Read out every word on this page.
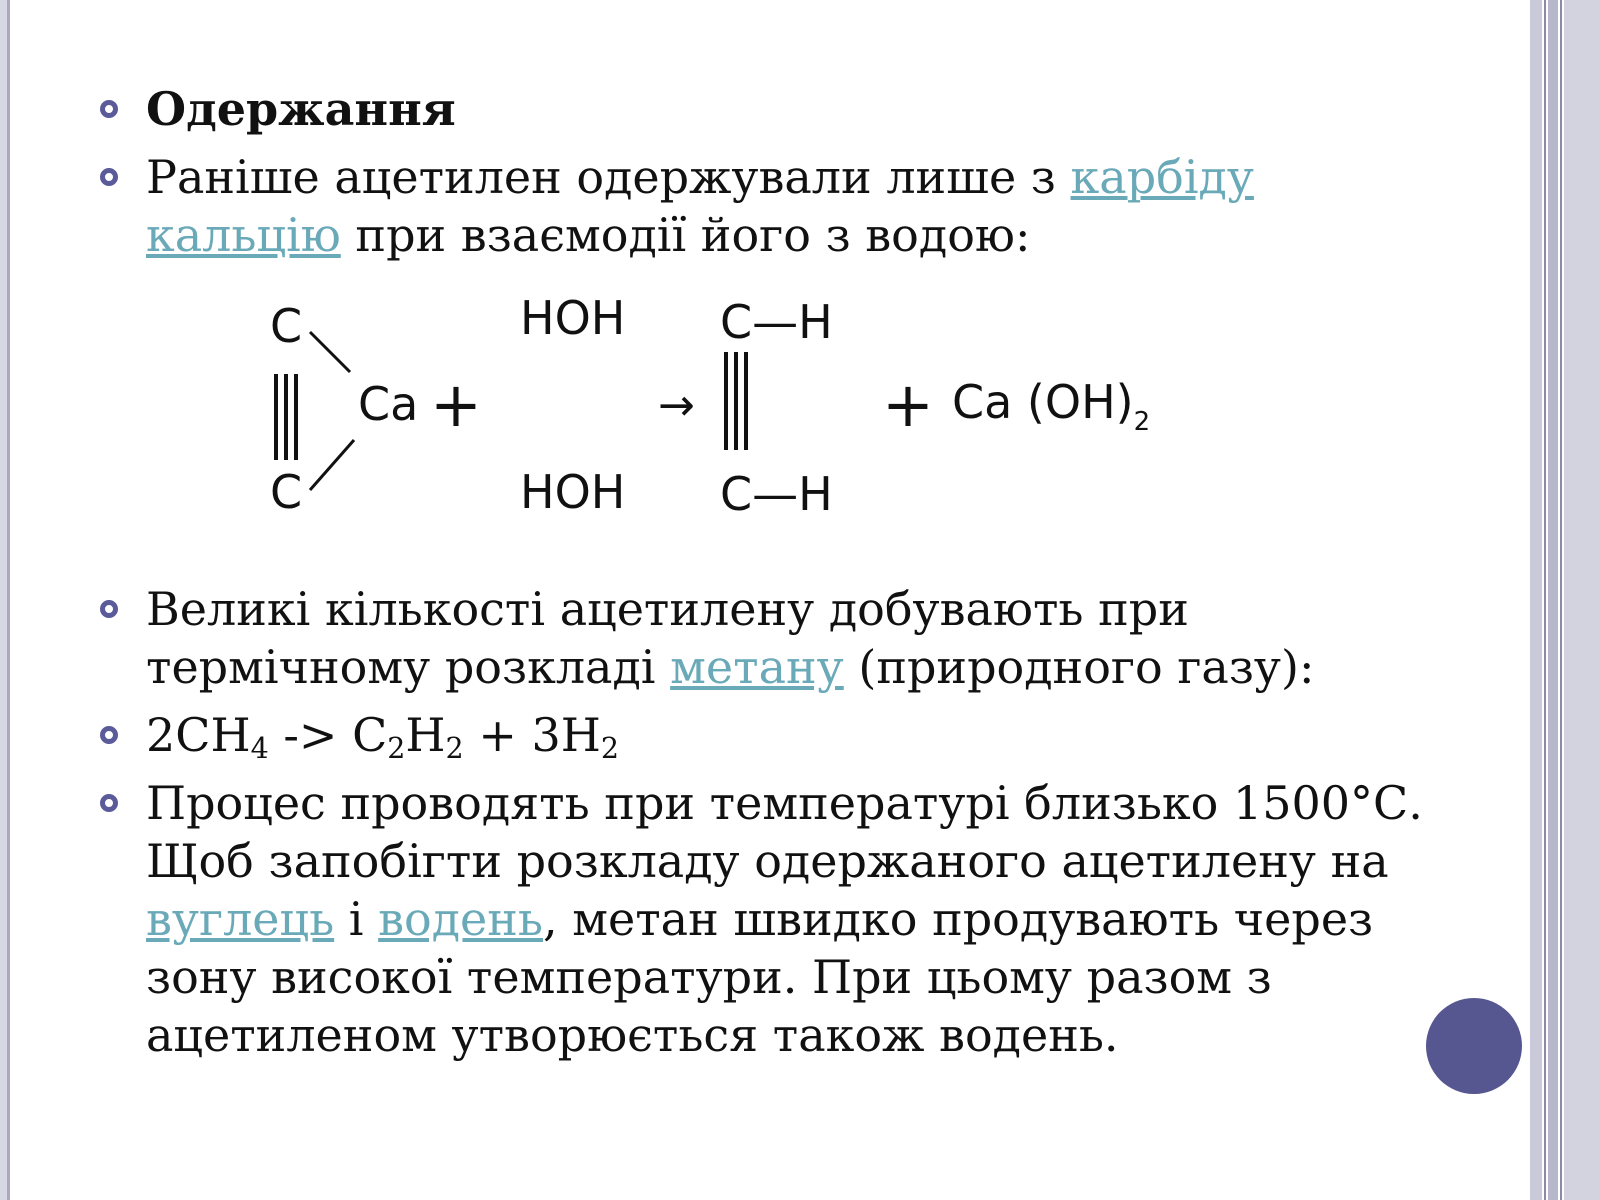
Одержання
Раніше ацетилен одержували лише з карбіду кальцію при взаємодії його з водою:
Великі кількості ацетилену добувають при термічному розкладі метану (природного газу):
$2CH_4 -> C_2H_2 + 3H_2$
Процес проводять при температурі близько 1500°С. Щоб запобігти розкладу одержаного ацетилену на вуглець і водень, метан швидко продувають через зону високої температури. При цьому разом з ацетиленом утворюється також водень.
C
C
Ca +
HOH
HOH
→
C—H
C—H
+ Ca $(OH)_2$
